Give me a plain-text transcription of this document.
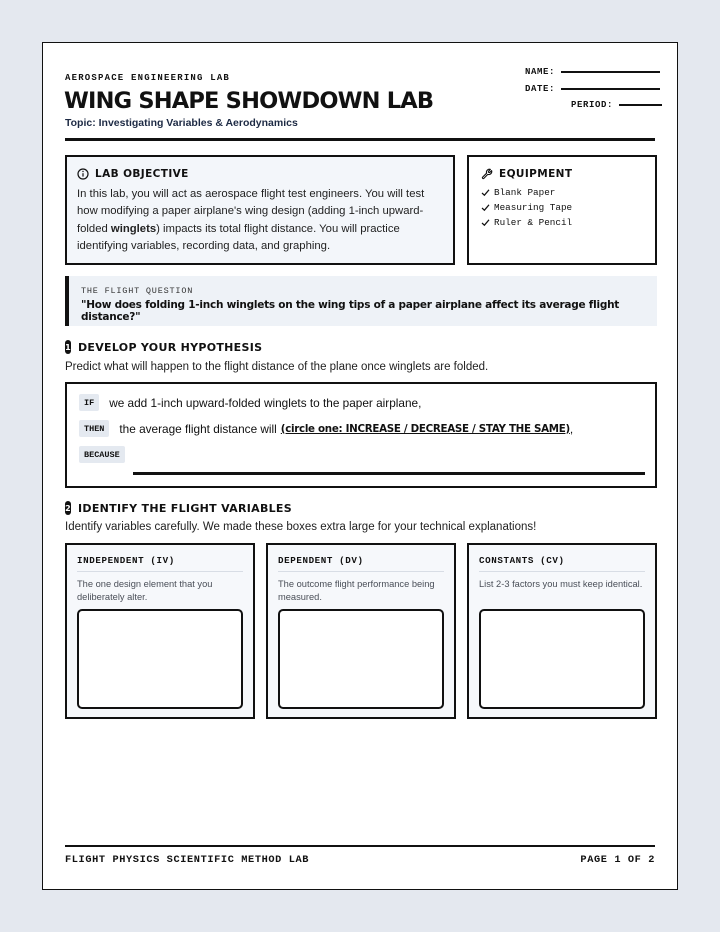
AEROSPACE ENGINEERING LAB
WING SHAPE SHOWDOWN LAB
Topic: Investigating Variables & Aerodynamics
NAME:
DATE:
PERIOD:
LAB OBJECTIVE

In this lab, you will act as aerospace flight test engineers. You will test how modifying a paper airplane's wing design (adding 1-inch upward-folded winglets) impacts its total flight distance. You will practice identifying variables, recording data, and graphing.

EQUIPMENT
Blank Paper
Measuring Tape
Ruler & Pencil
THE FLIGHT QUESTION
"How does folding 1-inch winglets on the wing tips of a paper airplane affect its average flight distance?"
1 DEVELOP YOUR HYPOTHESIS
Predict what will happen to the flight distance of the plane once winglets are folded.
IF	we add 1-inch upward-folded winglets to the paper airplane,
THEN	the average flight distance will (circle one: INCREASE / DECREASE / STAY THE SAME) ,
BECAUSE
2 IDENTIFY THE FLIGHT VARIABLES
Identify variables carefully. We made these boxes extra large for your technical explanations!
INDEPENDENT (IV)
The one design element that you deliberately alter.
DEPENDENT (DV)
The outcome flight performance being measured.
CONSTANTS (CV)
List 2-3 factors you must keep identical.
FLIGHT PHYSICS SCIENTIFIC METHOD LAB	PAGE 1 OF 2
